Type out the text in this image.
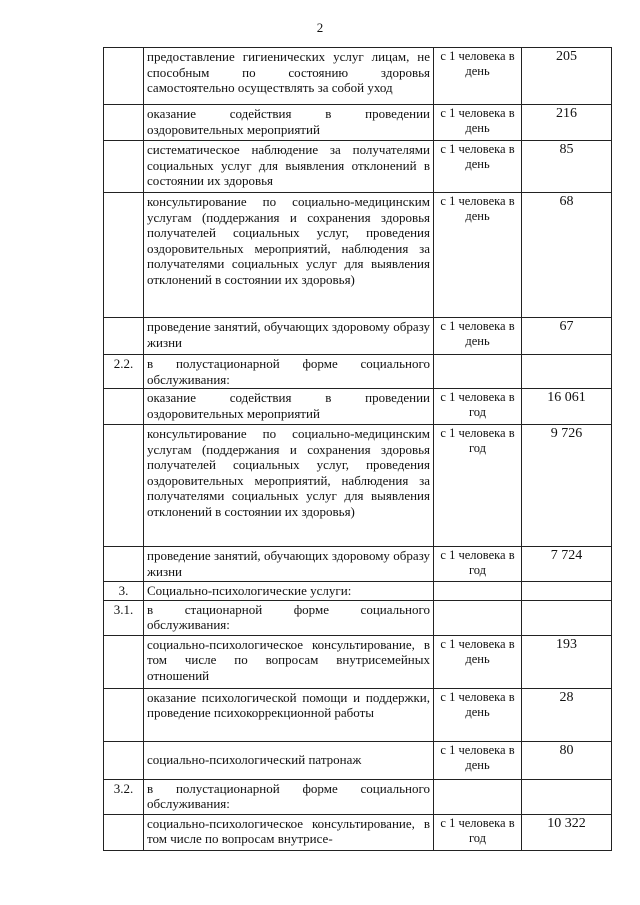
2
	предоставление гигиенических услуг лицам, не способным по состоянию здоровья самостоятельно осуществлять за собой уход	с 1 человека в день	205
	оказание содействия в проведении оздоровительных мероприятий	с 1 человека в день	216
	систематическое наблюдение за получателями социальных услуг для выявления отклонений в состоянии их здоровья	с 1 человека в день	85
	консультирование по социально-медицинским услугам (поддержания и сохранения здоровья получателей социальных услуг, проведения оздоровительных мероприятий, наблюдения за получателями социальных услуг для выявления отклонений в состоянии их здоровья)	с 1 человека в день	68
	проведение занятий, обучающих здоровому образу жизни	с 1 человека в день	67
2.2.	в полустационарной форме социального обслуживания:		
	оказание содействия в проведении оздоровительных мероприятий	с 1 человека в год	16 061
	консультирование по социально-медицинским услугам (поддержания и сохранения здоровья получателей социальных услуг, проведения оздоровительных мероприятий, наблюдения за получателями социальных услуг для выявления отклонений в состоянии их здоровья)	с 1 человека в год	9 726
	проведение занятий, обучающих здоровому образу жизни	с 1 человека в год	7 724
3.	Социально-психологические услуги:		
3.1.	в стационарной форме социального обслуживания:		
	социально-психологическое консультирование, в том числе по вопросам внутрисемейных отношений	с 1 человека в день	193
	оказание психологической помощи и поддержки, проведение психокоррекционной работы	с 1 человека в день	28
	социально-психологический патронаж	с 1 человека в день	80
3.2.	в полустационарной форме социального обслуживания:		
	социально-психологическое консультирование, в том числе по вопросам внутрисе-	с 1 человека в год	10 322
